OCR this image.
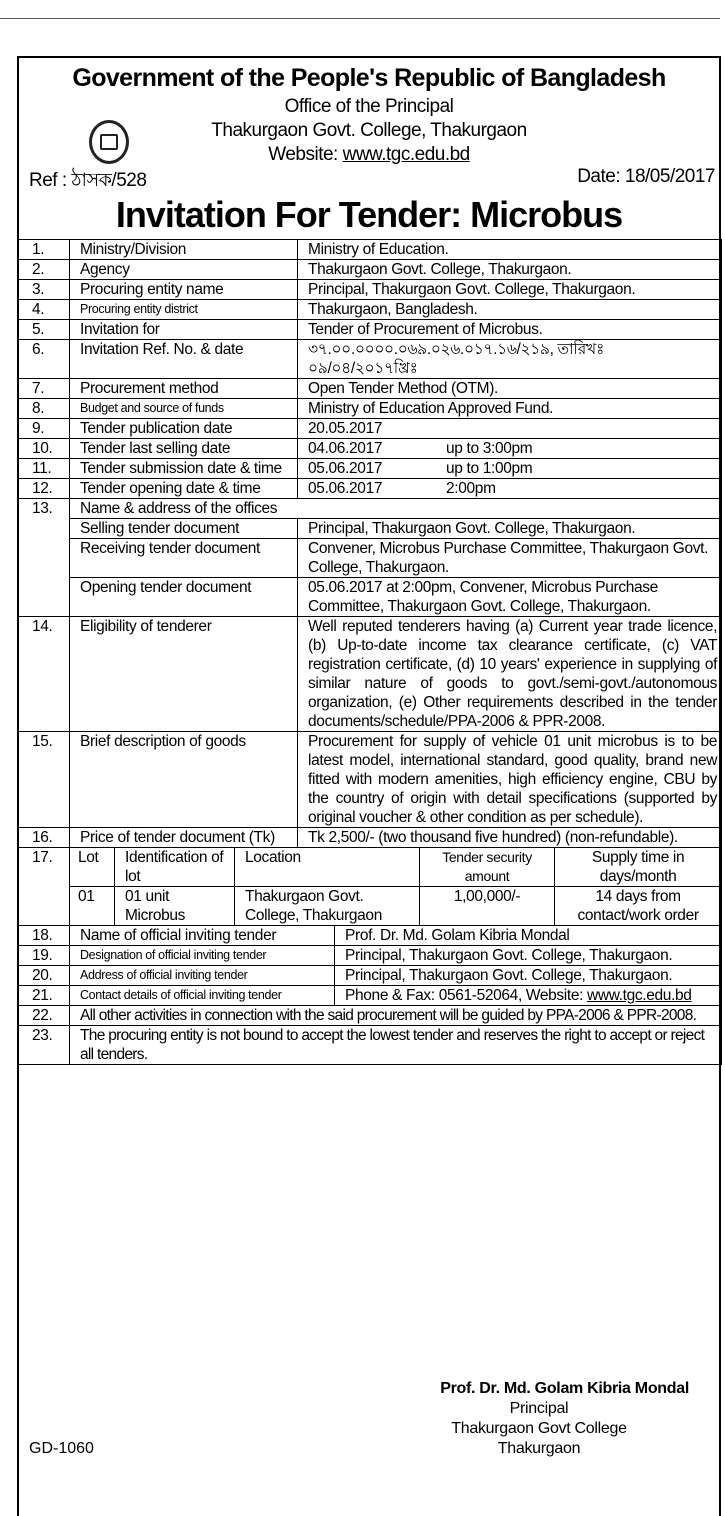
Government of the People's Republic of Bangladesh
Office of the Principal
Thakurgaon Govt. College, Thakurgaon
Website: www.tgc.edu.bd
Ref : ঠাসক/528	Date: 18/05/2017
Invitation For Tender: Microbus
1.	Ministry/Division			Ministry of Education.			
2.	Agency			Thakurgaon Govt. College, Thakurgaon.			
3.	Procuring entity name			Principal, Thakurgaon Govt. College, Thakurgaon.			
4.	Procuring entity district			Thakurgaon, Bangladesh.			
5.	Invitation for			Tender of Procurement of Microbus.			
6.	Invitation Ref. No. & date			৩৭.০০.০০০০.০৬৯.০২৬.০১৭.১৬/২১৯, তারিখঃ ০৯/০৪/২০১৭খ্রিঃ			
7.	Procurement method			Open Tender Method (OTM).			
8.	Budget and source of funds			Ministry of Education Approved Fund.			
9.	Tender publication date			20.05.2017			
10.	Tender last selling date			04.06.2017 up to 3:00pm			
11.	Tender submission date & time			05.06.2017 up to 1:00pm			
12.	Tender opening date & time			05.06.2017 2:00pm			
13.	Name & address of the offices						
	Selling tender document			Principal, Thakurgaon Govt. College, Thakurgaon.			
	Receiving tender document			Convener, Microbus Purchase Committee, Thakurgaon Govt. College, Thakurgaon.			
	Opening tender document			05.06.2017 at 2:00pm, Convener, Microbus Purchase Committee, Thakurgaon Govt. College, Thakurgaon.			
14.	Eligibility of tenderer			Well reputed tenderers having (a) Current year trade licence, (b) Up-to-date income tax clearance certificate, (c) VAT registration certificate, (d) 10 years' experience in supplying of similar nature of goods to govt./semi-govt./autonomous organization, (e) Other requirements described in the tender documents/schedule/PPA-2006 & PPR-2008.			
15.	Brief description of goods			Procurement for supply of vehicle 01 unit microbus is to be latest model, international standard, good quality, brand new fitted with modern amenities, high efficiency engine, CBU by the country of origin with detail specifications (supported by original voucher & other condition as per schedule).			
16.	Price of tender document (Tk)			Tk 2,500/- (two thousand five hundred) (non-refundable).			
17.	Lot	Identification of lot	Location			Tender security amount	Supply time in days/month
	01	01 unit Microbus	Thakurgaon Govt. College, Thakurgaon			1,00,000/-	14 days from contact/work order
18.	Name of official inviting tender				Prof. Dr. Md. Golam Kibria Mondal		
19.	Designation of official inviting tender				Principal, Thakurgaon Govt. College, Thakurgaon.		
20.	Address of official inviting tender				Principal, Thakurgaon Govt. College, Thakurgaon.		
21.	Contact details of official inviting tender				Phone & Fax: 0561-52064, Website: www.tgc.edu.bd		
22.	All other activities in connection with the said procurement will be guided by PPA-2006 & PPR-2008.						
23.	The procuring entity is not bound to accept the lowest tender and reserves the right to accept or reject all tenders.						
Prof. Dr. Md. Golam Kibria Mondal
Principal
Thakurgaon Govt College
Thakurgaon
GD-1060
